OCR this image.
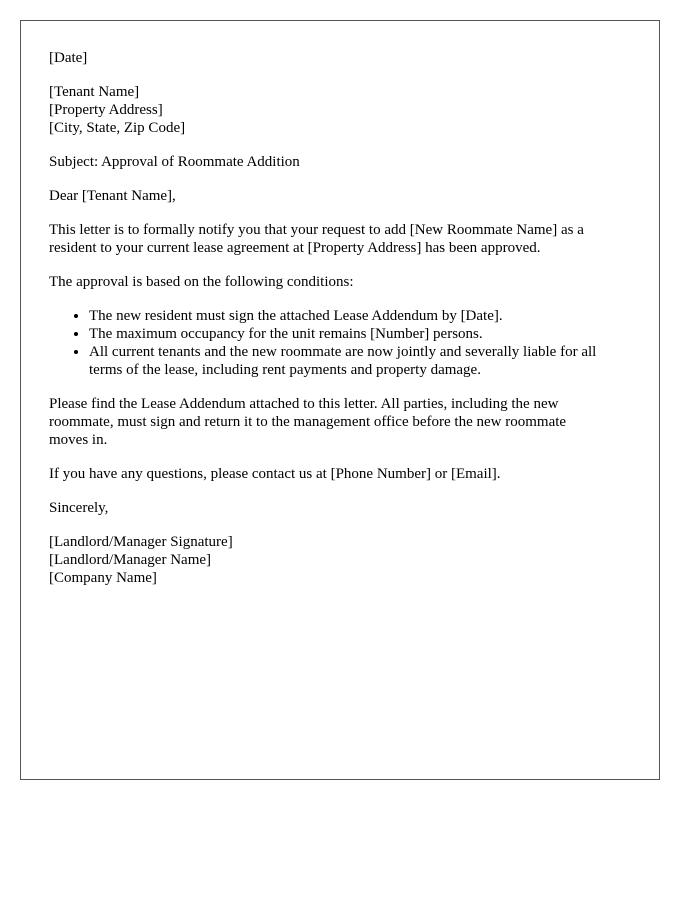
[Date]

[Tenant Name]
[Property Address]
[City, State, Zip Code]

Subject: Approval of Roommate Addition

Dear [Tenant Name],

This letter is to formally notify you that your request to add [New Roommate Name] as a
resident to your current lease agreement at [Property Address] has been approved.

The approval is based on the following conditions:

• The new resident must sign the attached Lease Addendum by [Date].
• The maximum occupancy for the unit remains [Number] persons.
• All current tenants and the new roommate are now jointly and severally liable for all
terms of the lease, including rent payments and property damage.

Please find the Lease Addendum attached to this letter. All parties, including the new
roommate, must sign and return it to the management office before the new roommate
moves in.

If you have any questions, please contact us at [Phone Number] or [Email].

Sincerely,

[Landlord/Manager Signature]
[Landlord/Manager Name]
[Company Name]
